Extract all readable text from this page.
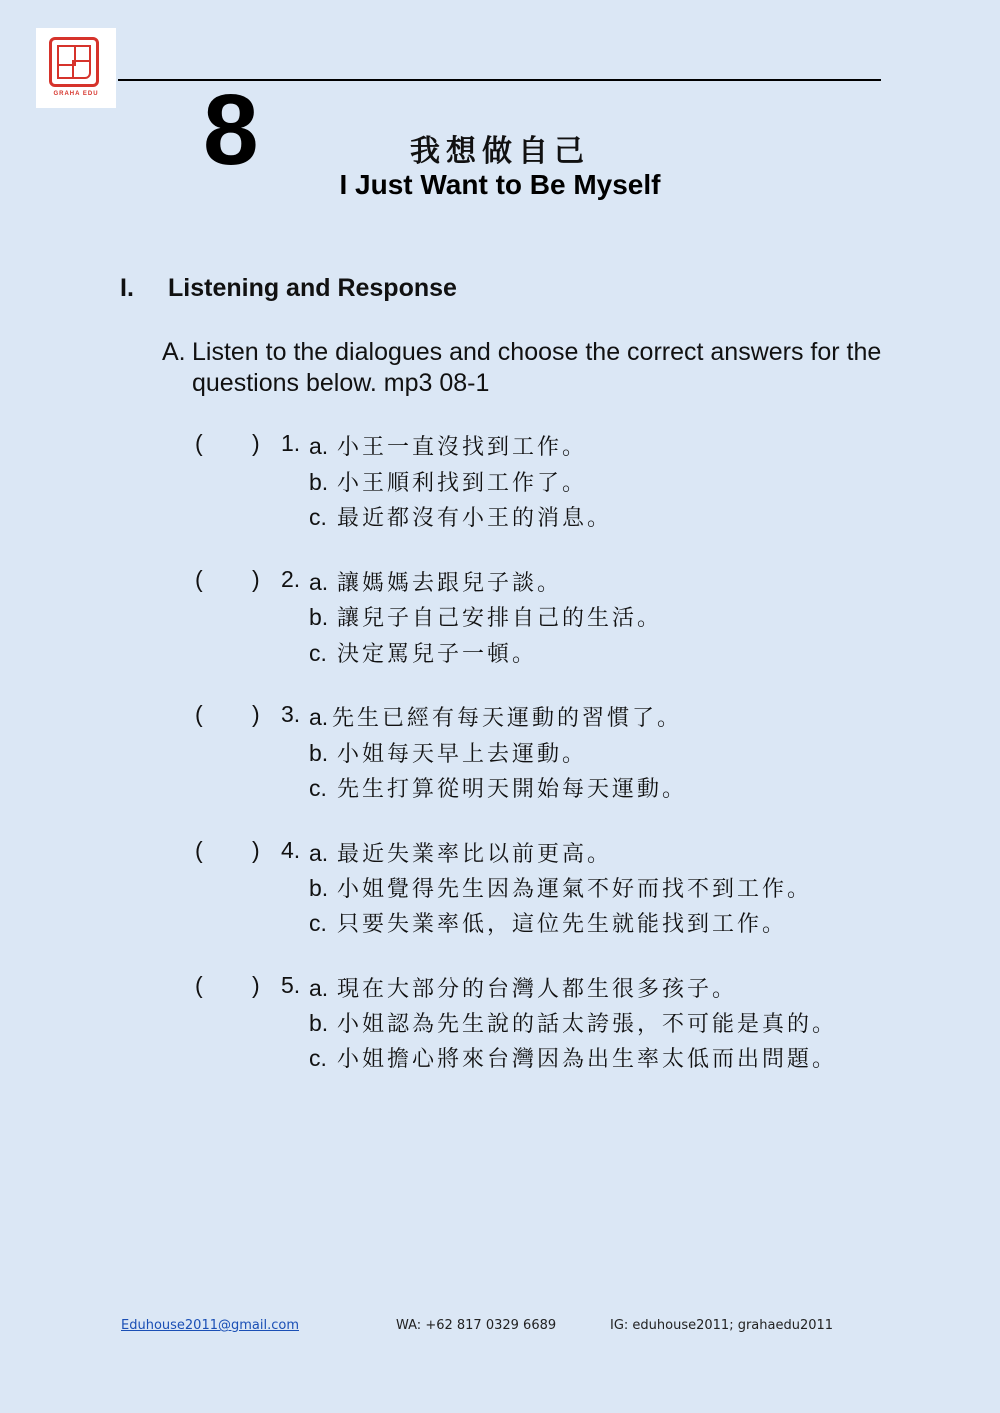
GRAHA EDU 8	我想做自己
I Just Want to Be Myself
I. Listening and Response
A. Listen to the dialogues and choose the correct answers for the questions below. mp3 08-1
( ) 1. a. 小王一直沒找到工作。
b. 小王順利找到工作了。
c. 最近都沒有小王的消息。
( ) 2. a. 讓媽媽去跟兒子談。
b. 讓兒子自己安排自己的生活。
c. 決定罵兒子一頓。
( ) 3. a. 先生已經有每天運動的習慣了。
b. 小姐每天早上去運動。
c. 先生打算從明天開始每天運動。
( ) 4. a. 最近失業率比以前更高。
b. 小姐覺得先生因為運氣不好而找不到工作。
c. 只要失業率低，這位先生就能找到工作。
( ) 5. a. 現在大部分的台灣人都生很多孩子。
b. 小姐認為先生說的話太誇張，不可能是真的。
c. 小姐擔心將來台灣因為出生率太低而出問題。
Eduhouse2011@gmail.com	WA: +62 817 0329 6689	IG: eduhouse2011; grahaedu2011
